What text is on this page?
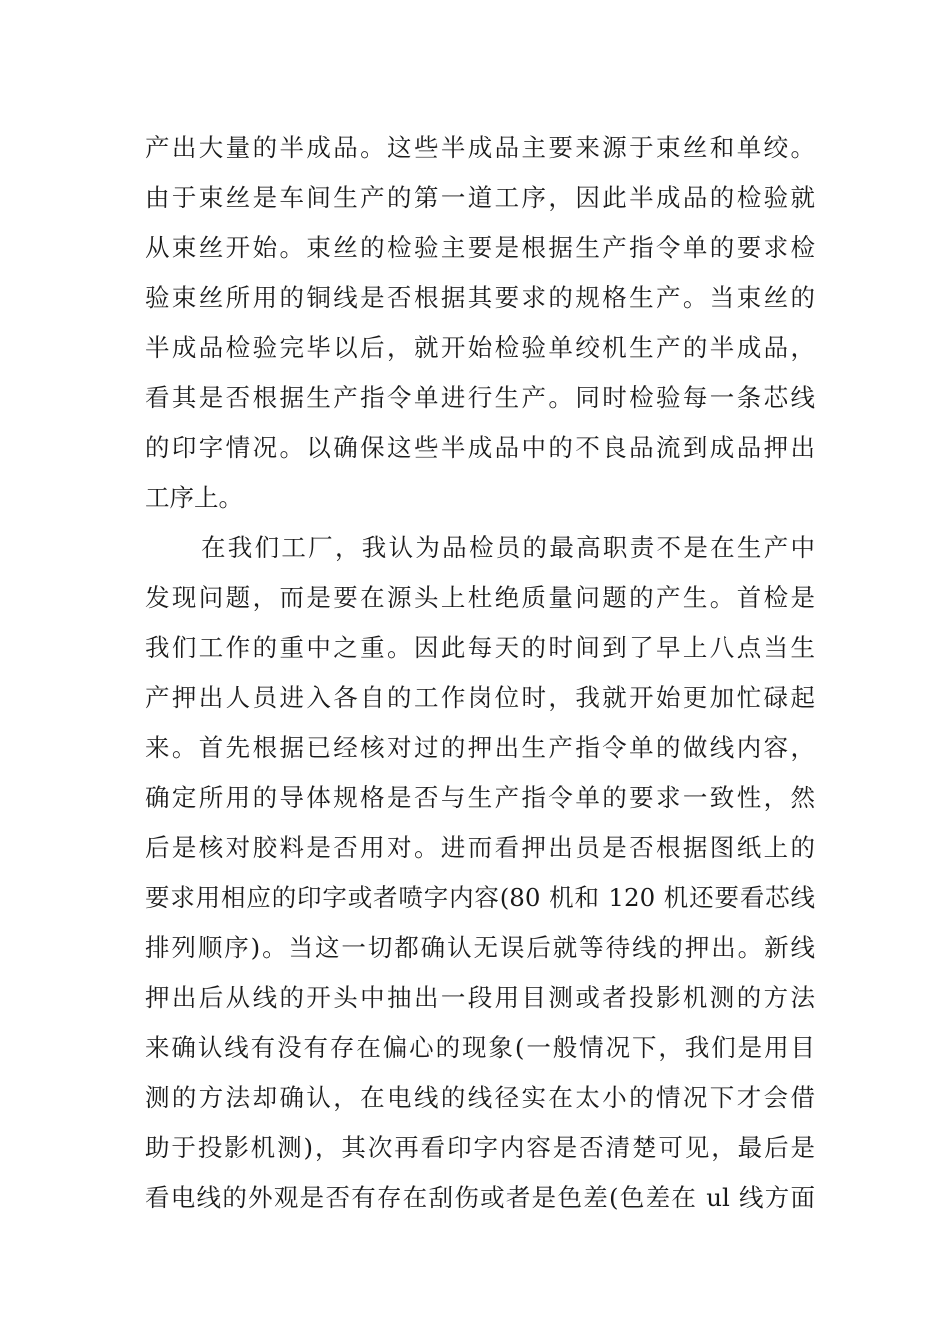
产出大量的半成品。这些半成品主要来源于束丝和单绞。
由于束丝是车间生产的第一道工序，因此半成品的检验就
从束丝开始。束丝的检验主要是根据生产指令单的要求检
验束丝所用的铜线是否根据其要求的规格生产。当束丝的
半成品检验完毕以后，就开始检验单绞机生产的半成品，
看其是否根据生产指令单进行生产。同时检验每一条芯线
的印字情况。以确保这些半成品中的不良品流到成品押出
工序上。
在我们工厂，我认为品检员的最高职责不是在生产中
发现问题，而是要在源头上杜绝质量问题的产生。首检是
我们工作的重中之重。因此每天的时间到了早上八点当生
产押出人员进入各自的工作岗位时，我就开始更加忙碌起
来。首先根据已经核对过的押出生产指令单的做线内容，
确定所用的导体规格是否与生产指令单的要求一致性，然
后是核对胶料是否用对。进而看押出员是否根据图纸上的
要求用相应的印字或者喷字内容(80 机和 120 机还要看芯线
排列顺序)。当这一切都确认无误后就等待线的押出。新线
押出后从线的开头中抽出一段用目测或者投影机测的方法
来确认线有没有存在偏心的现象(一般情况下，我们是用目
测的方法却确认，在电线的线径实在太小的情况下才会借
助于投影机测)，其次再看印字内容是否清楚可见，最后是
看电线的外观是否有存在刮伤或者是色差(色差在 ul 线方面
